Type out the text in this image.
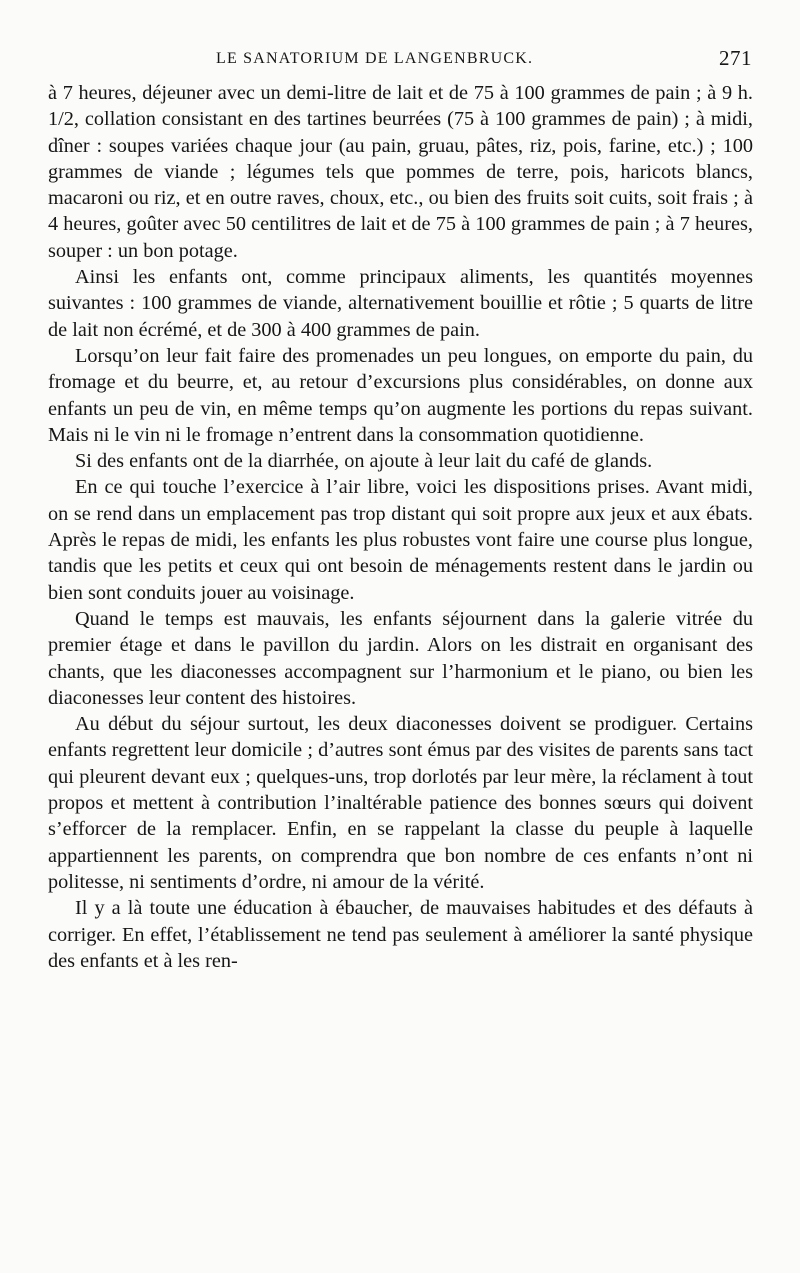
LE SANATORIUM DE LANGENBRUCK.	271

à 7 heures, déjeuner avec un demi-litre de lait et de 75 à 100 grammes de pain ; à 9 h. 1/2, collation consistant en des tartines beurrées (75 à 100 grammes de pain) ; à midi, dîner : soupes variées chaque jour (au pain, gruau, pâtes, riz, pois, farine, etc.) ; 100 grammes de viande ; légumes tels que pommes de terre, pois, haricots blancs, macaroni ou riz, et en outre raves, choux, etc., ou bien des fruits soit cuits, soit frais ; à 4 heures, goûter avec 50 centilitres de lait et de 75 à 100 grammes de pain ; à 7 heures, souper : un bon potage.

Ainsi les enfants ont, comme principaux aliments, les quantités moyennes suivantes : 100 grammes de viande, alternativement bouillie et rôtie ; 5 quarts de litre de lait non écrémé, et de 300 à 400 grammes de pain.

Lorsqu’on leur fait faire des promenades un peu longues, on emporte du pain, du fromage et du beurre, et, au retour d’excursions plus considérables, on donne aux enfants un peu de vin, en même temps qu’on augmente les portions du repas suivant. Mais ni le vin ni le fromage n’entrent dans la consommation quotidienne.

Si des enfants ont de la diarrhée, on ajoute à leur lait du café de glands.

En ce qui touche l’exercice à l’air libre, voici les dispositions prises. Avant midi, on se rend dans un emplacement pas trop distant qui soit propre aux jeux et aux ébats. Après le repas de midi, les enfants les plus robustes vont faire une course plus longue, tandis que les petits et ceux qui ont besoin de ménagements restent dans le jardin ou bien sont conduits jouer au voisinage.

Quand le temps est mauvais, les enfants séjournent dans la galerie vitrée du premier étage et dans le pavillon du jardin. Alors on les distrait en organisant des chants, que les diaconesses accompagnent sur l’harmonium et le piano, ou bien les diaconesses leur content des histoires.

Au début du séjour surtout, les deux diaconesses doivent se prodiguer. Certains enfants regrettent leur domicile ; d’autres sont émus par des visites de parents sans tact qui pleurent devant eux ; quelques-uns, trop dorlotés par leur mère, la réclament à tout propos et mettent à contribution l’inaltérable patience des bonnes sœurs qui doivent s’efforcer de la remplacer. Enfin, en se rappelant la classe du peuple à laquelle appartiennent les parents, on comprendra que bon nombre de ces enfants n’ont ni politesse, ni sentiments d’ordre, ni amour de la vérité.

Il y a là toute une éducation à ébaucher, de mauvaises habitudes et des défauts à corriger. En effet, l’établissement ne tend pas seulement à améliorer la santé physique des enfants et à les ren-
